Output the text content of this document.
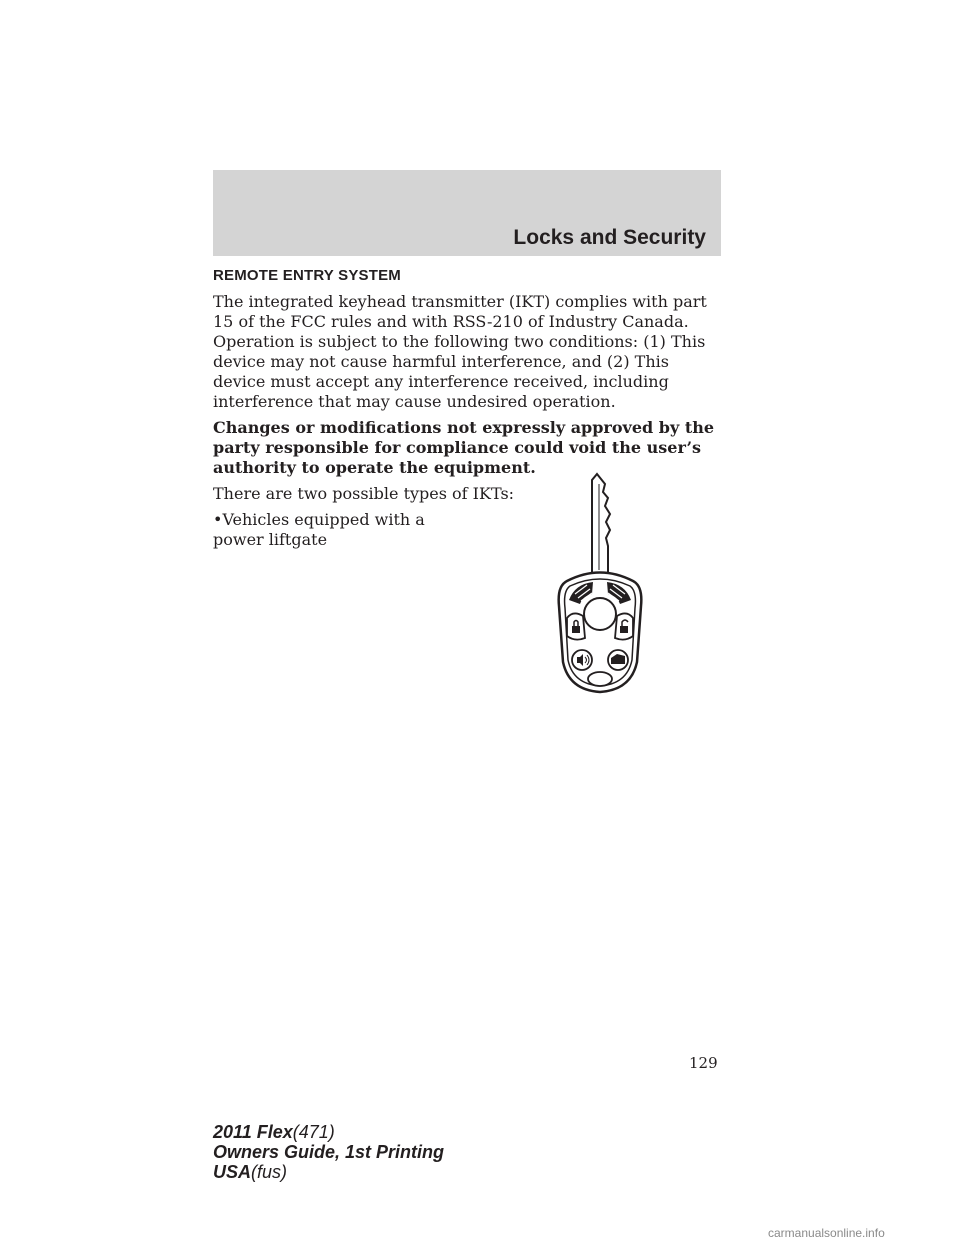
Locks and Security

REMOTE ENTRY SYSTEM

The integrated keyhead transmitter (IKT) complies with part 15 of the FCC rules and with RSS-210 of Industry Canada. Operation is subject to the following two conditions: (1) This device may not cause harmful interference, and (2) This device must accept any interference received, including interference that may cause undesired operation.

Changes or modifications not expressly approved by the party responsible for compliance could void the user’s authority to operate the equipment.

There are two possible types of IKTs:

•Vehicles equipped with a power liftgate

129
2011 Flex(471)
Owners Guide, 1st Printing
USA(fus)
carmanualsonline.info
